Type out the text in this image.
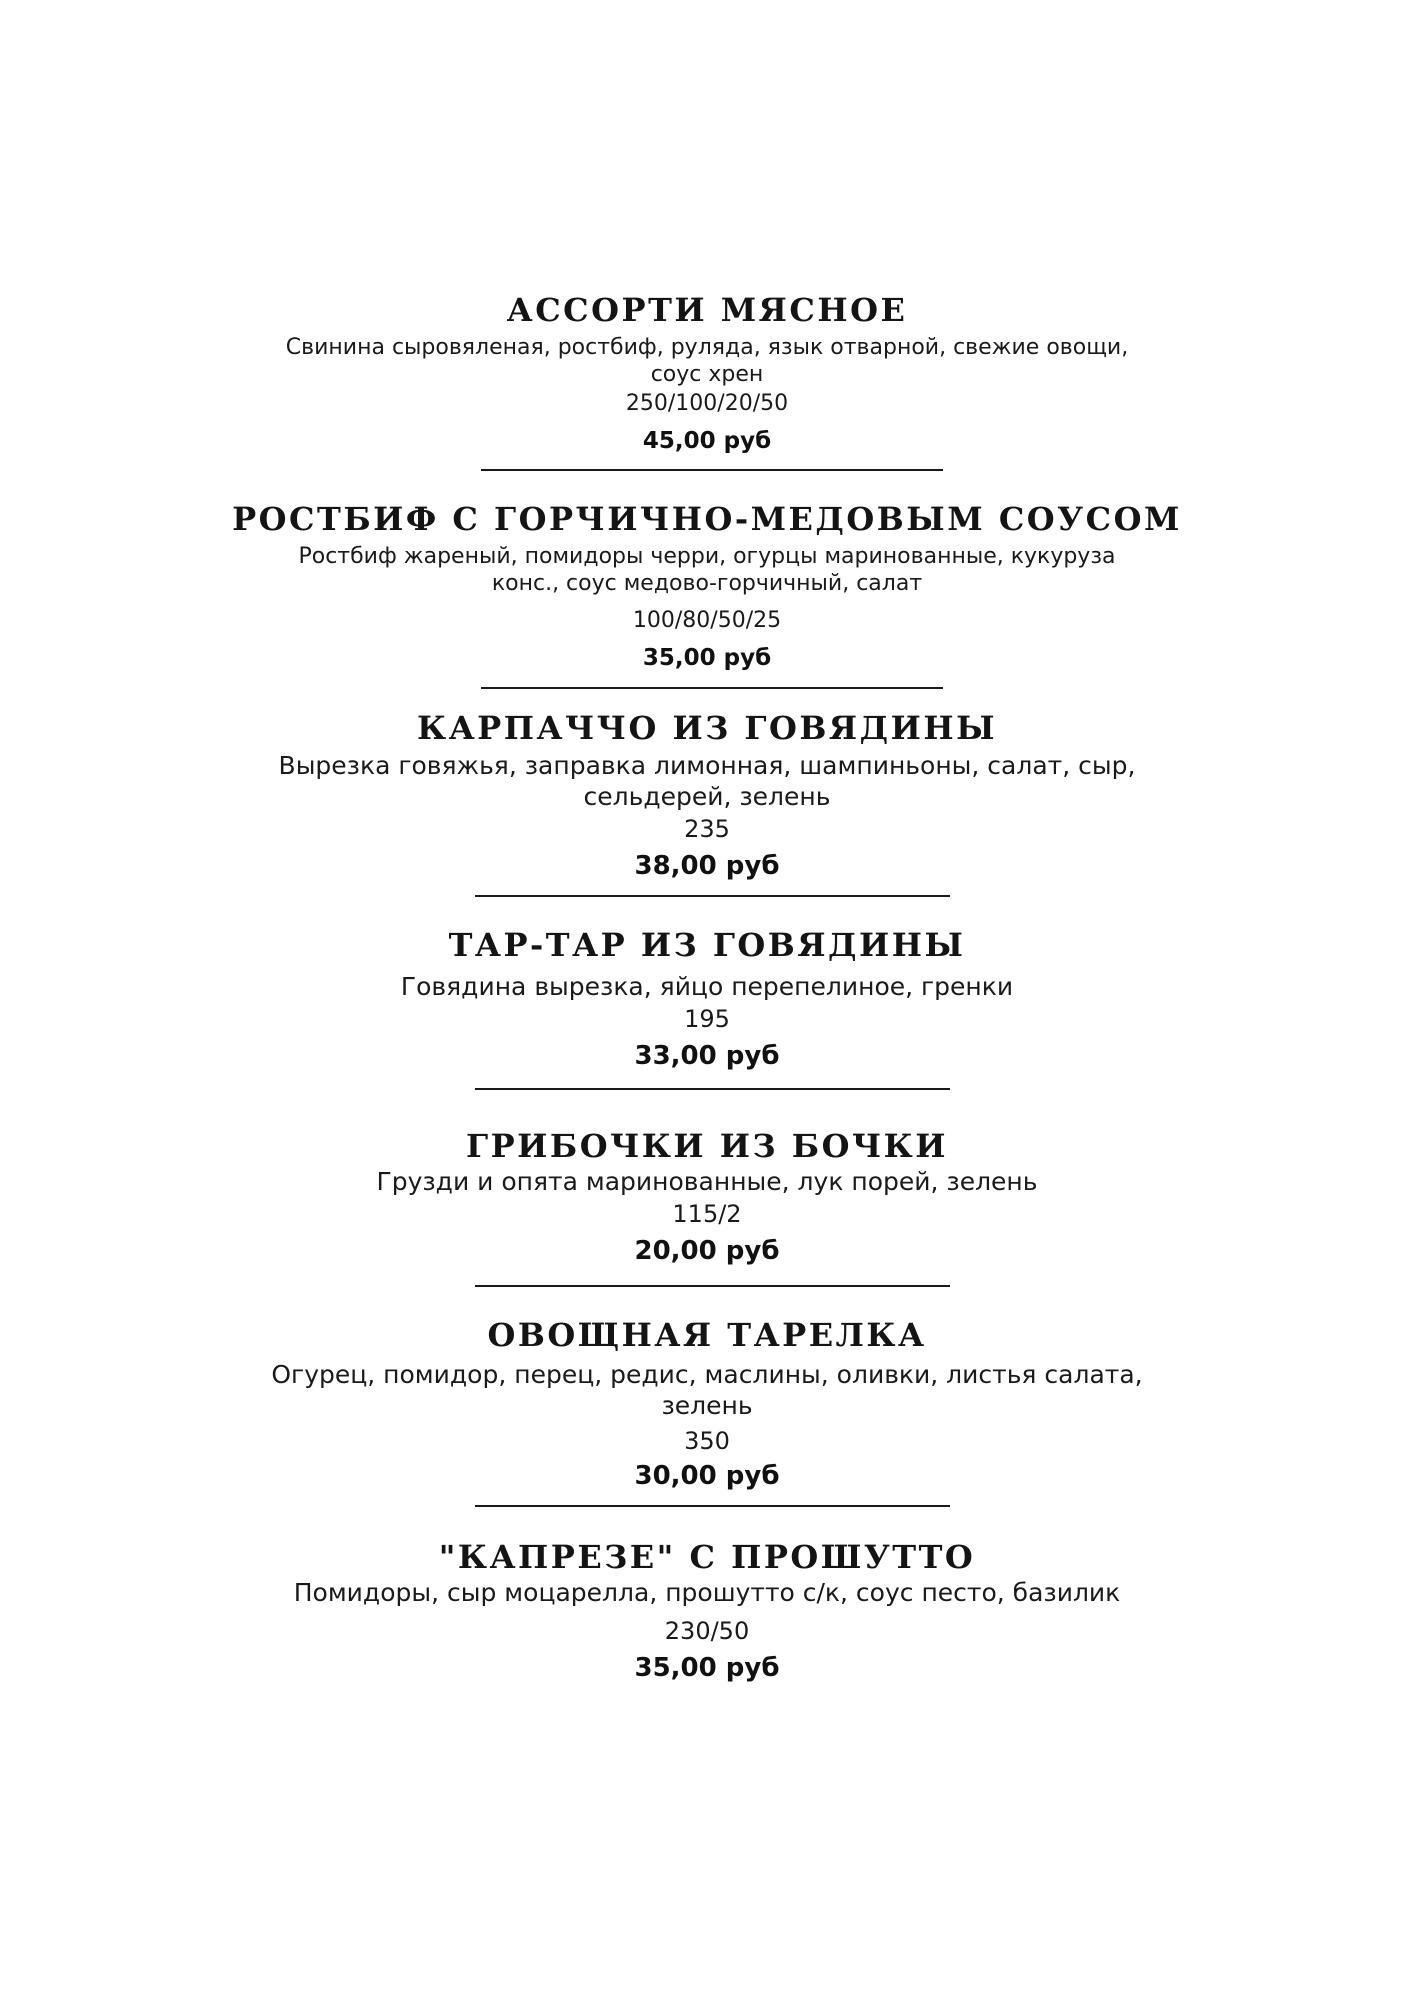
АССОРТИ МЯСНОЕ
Свинина сыровяленая, ростбиф, руляда, язык отварной, свежие овощи,
соус хрен
250/100/20/50
45,00 руб
РОСТБИФ С ГОРЧИЧНО-МЕДОВЫМ СОУСОМ
Ростбиф жареный, помидоры черри, огурцы маринованные, кукуруза
конс., соус медово-горчичный, салат
100/80/50/25
35,00 руб
КАРПАЧЧО ИЗ ГОВЯДИНЫ
Вырезка говяжья, заправка лимонная, шампиньоны, салат, сыр,
сельдерей, зелень
235
38,00 руб
ТАР-ТАР ИЗ ГОВЯДИНЫ
Говядина вырезка, яйцо перепелиное, гренки
195
33,00 руб
ГРИБОЧКИ ИЗ БОЧКИ
Грузди и опята маринованные, лук порей, зелень
115/2
20,00 руб
ОВОЩНАЯ ТАРЕЛКА
Огурец, помидор, перец, редис, маслины, оливки, листья салата,
зелень
350
30,00 руб
"КАПРЕЗЕ" С ПРОШУТТО
Помидоры, сыр моцарелла, прошутто с/к, соус песто, базилик
230/50
35,00 руб
